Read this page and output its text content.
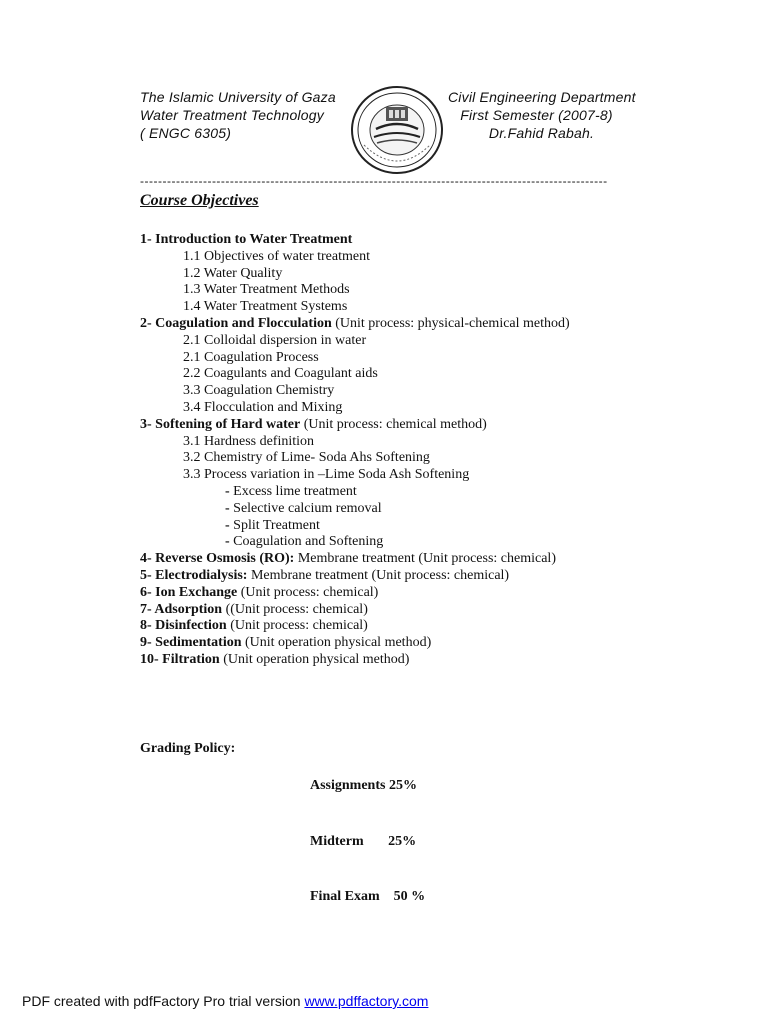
The Islamic University of Gaza
Water Treatment Technology
( ENGC 6305)
Civil Engineering Department
First Semester (2007-8)
Dr.Fahid Rabah.
--------------------------------------------------------------------------------------------------------
Course Objectives
1- Introduction to Water Treatment
1.1 Objectives of water treatment
1.2 Water Quality
1.3 Water Treatment Methods
1.4 Water Treatment Systems
2- Coagulation and Flocculation (Unit process: physical-chemical method)
2.1 Colloidal dispersion in water
2.1 Coagulation Process
2.2 Coagulants and Coagulant aids
3.3 Coagulation Chemistry
3.4 Flocculation and Mixing
3- Softening of Hard water (Unit process: chemical method)
3.1 Hardness definition
3.2 Chemistry of Lime- Soda Ahs Softening
3.3 Process variation in –Lime Soda Ash Softening
- Excess lime treatment
- Selective calcium removal
- Split Treatment
- Coagulation and Softening
4- Reverse Osmosis (RO): Membrane treatment (Unit process: chemical)
5- Electrodialysis: Membrane treatment (Unit process: chemical)
6- Ion Exchange (Unit process: chemical)
7- Adsorption ((Unit process: chemical)
8- Disinfection (Unit process: chemical)
9- Sedimentation (Unit operation physical method)
10- Filtration (Unit operation physical method)
Grading Policy:

Assignments 25%

Midterm       25%

Final Exam    50 %

PDF created with pdfFactory Pro trial version www.pdffactory.com
